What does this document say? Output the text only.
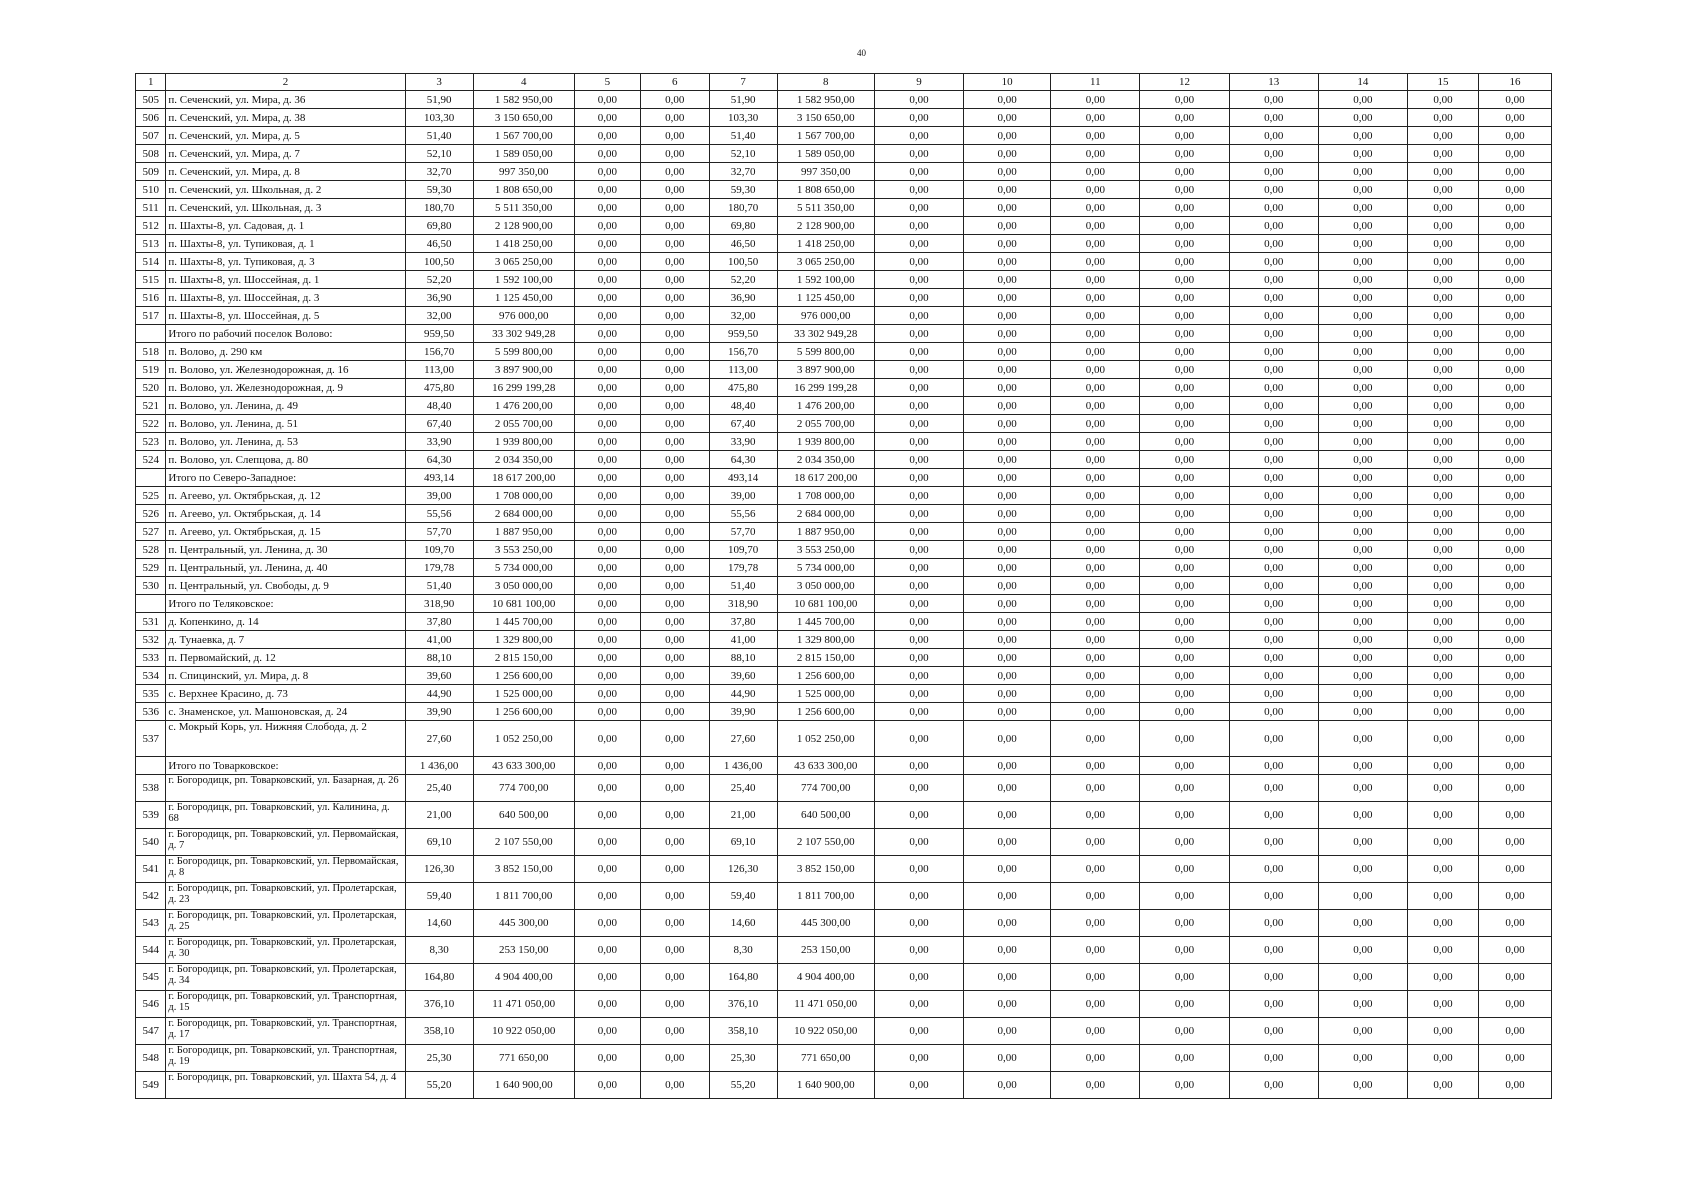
40
1	2	3	4	5	6	7	8	9	10	11	12	13	14	15	16
505	п. Сеченский, ул. Мира, д. 36	51,90	1 582 950,00	0,00	0,00	51,90	1 582 950,00	0,00	0,00	0,00	0,00	0,00	0,00	0,00	0,00
506	п. Сеченский, ул. Мира, д. 38	103,30	3 150 650,00	0,00	0,00	103,30	3 150 650,00	0,00	0,00	0,00	0,00	0,00	0,00	0,00	0,00
507	п. Сеченский, ул. Мира, д. 5	51,40	1 567 700,00	0,00	0,00	51,40	1 567 700,00	0,00	0,00	0,00	0,00	0,00	0,00	0,00	0,00
508	п. Сеченский, ул. Мира, д. 7	52,10	1 589 050,00	0,00	0,00	52,10	1 589 050,00	0,00	0,00	0,00	0,00	0,00	0,00	0,00	0,00
509	п. Сеченский, ул. Мира, д. 8	32,70	997 350,00	0,00	0,00	32,70	997 350,00	0,00	0,00	0,00	0,00	0,00	0,00	0,00	0,00
510	п. Сеченский, ул. Школьная, д. 2	59,30	1 808 650,00	0,00	0,00	59,30	1 808 650,00	0,00	0,00	0,00	0,00	0,00	0,00	0,00	0,00
511	п. Сеченский, ул. Школьная, д. 3	180,70	5 511 350,00	0,00	0,00	180,70	5 511 350,00	0,00	0,00	0,00	0,00	0,00	0,00	0,00	0,00
512	п. Шахты-8, ул. Садовая, д. 1	69,80	2 128 900,00	0,00	0,00	69,80	2 128 900,00	0,00	0,00	0,00	0,00	0,00	0,00	0,00	0,00
513	п. Шахты-8, ул. Тупиковая, д. 1	46,50	1 418 250,00	0,00	0,00	46,50	1 418 250,00	0,00	0,00	0,00	0,00	0,00	0,00	0,00	0,00
514	п. Шахты-8, ул. Тупиковая, д. 3	100,50	3 065 250,00	0,00	0,00	100,50	3 065 250,00	0,00	0,00	0,00	0,00	0,00	0,00	0,00	0,00
515	п. Шахты-8, ул. Шоссейная, д. 1	52,20	1 592 100,00	0,00	0,00	52,20	1 592 100,00	0,00	0,00	0,00	0,00	0,00	0,00	0,00	0,00
516	п. Шахты-8, ул. Шоссейная, д. 3	36,90	1 125 450,00	0,00	0,00	36,90	1 125 450,00	0,00	0,00	0,00	0,00	0,00	0,00	0,00	0,00
517	п. Шахты-8, ул. Шоссейная, д. 5	32,00	976 000,00	0,00	0,00	32,00	976 000,00	0,00	0,00	0,00	0,00	0,00	0,00	0,00	0,00
	Итого по рабочий поселок Волово:	959,50	33 302 949,28	0,00	0,00	959,50	33 302 949,28	0,00	0,00	0,00	0,00	0,00	0,00	0,00	0,00
518	п. Волово, д. 290 км	156,70	5 599 800,00	0,00	0,00	156,70	5 599 800,00	0,00	0,00	0,00	0,00	0,00	0,00	0,00	0,00
519	п. Волово, ул. Железнодорожная, д. 16	113,00	3 897 900,00	0,00	0,00	113,00	3 897 900,00	0,00	0,00	0,00	0,00	0,00	0,00	0,00	0,00
520	п. Волово, ул. Железнодорожная, д. 9	475,80	16 299 199,28	0,00	0,00	475,80	16 299 199,28	0,00	0,00	0,00	0,00	0,00	0,00	0,00	0,00
521	п. Волово, ул. Ленина, д. 49	48,40	1 476 200,00	0,00	0,00	48,40	1 476 200,00	0,00	0,00	0,00	0,00	0,00	0,00	0,00	0,00
522	п. Волово, ул. Ленина, д. 51	67,40	2 055 700,00	0,00	0,00	67,40	2 055 700,00	0,00	0,00	0,00	0,00	0,00	0,00	0,00	0,00
523	п. Волово, ул. Ленина, д. 53	33,90	1 939 800,00	0,00	0,00	33,90	1 939 800,00	0,00	0,00	0,00	0,00	0,00	0,00	0,00	0,00
524	п. Волово, ул. Слепцова, д. 80	64,30	2 034 350,00	0,00	0,00	64,30	2 034 350,00	0,00	0,00	0,00	0,00	0,00	0,00	0,00	0,00
	Итого по Северо-Западное:	493,14	18 617 200,00	0,00	0,00	493,14	18 617 200,00	0,00	0,00	0,00	0,00	0,00	0,00	0,00	0,00
525	п. Агеево, ул. Октябрьская, д. 12	39,00	1 708 000,00	0,00	0,00	39,00	1 708 000,00	0,00	0,00	0,00	0,00	0,00	0,00	0,00	0,00
526	п. Агеево, ул. Октябрьская, д. 14	55,56	2 684 000,00	0,00	0,00	55,56	2 684 000,00	0,00	0,00	0,00	0,00	0,00	0,00	0,00	0,00
527	п. Агеево, ул. Октябрьская, д. 15	57,70	1 887 950,00	0,00	0,00	57,70	1 887 950,00	0,00	0,00	0,00	0,00	0,00	0,00	0,00	0,00
528	п. Центральный, ул. Ленина, д. 30	109,70	3 553 250,00	0,00	0,00	109,70	3 553 250,00	0,00	0,00	0,00	0,00	0,00	0,00	0,00	0,00
529	п. Центральный, ул. Ленина, д. 40	179,78	5 734 000,00	0,00	0,00	179,78	5 734 000,00	0,00	0,00	0,00	0,00	0,00	0,00	0,00	0,00
530	п. Центральный, ул. Свободы, д. 9	51,40	3 050 000,00	0,00	0,00	51,40	3 050 000,00	0,00	0,00	0,00	0,00	0,00	0,00	0,00	0,00
	Итого по Теляковское:	318,90	10 681 100,00	0,00	0,00	318,90	10 681 100,00	0,00	0,00	0,00	0,00	0,00	0,00	0,00	0,00
531	д. Копенкино, д. 14	37,80	1 445 700,00	0,00	0,00	37,80	1 445 700,00	0,00	0,00	0,00	0,00	0,00	0,00	0,00	0,00
532	д. Тунаевка, д. 7	41,00	1 329 800,00	0,00	0,00	41,00	1 329 800,00	0,00	0,00	0,00	0,00	0,00	0,00	0,00	0,00
533	п. Первомайский, д. 12	88,10	2 815 150,00	0,00	0,00	88,10	2 815 150,00	0,00	0,00	0,00	0,00	0,00	0,00	0,00	0,00
534	п. Спицинский, ул. Мира, д. 8	39,60	1 256 600,00	0,00	0,00	39,60	1 256 600,00	0,00	0,00	0,00	0,00	0,00	0,00	0,00	0,00
535	с. Верхнее Красино, д. 73	44,90	1 525 000,00	0,00	0,00	44,90	1 525 000,00	0,00	0,00	0,00	0,00	0,00	0,00	0,00	0,00
536	с. Знаменское, ул. Машоновская, д. 24	39,90	1 256 600,00	0,00	0,00	39,90	1 256 600,00	0,00	0,00	0,00	0,00	0,00	0,00	0,00	0,00
537	с. Мокрый Корь, ул. Нижняя Слобода, д. 2	27,60	1 052 250,00	0,00	0,00	27,60	1 052 250,00	0,00	0,00	0,00	0,00	0,00	0,00	0,00	0,00
	Итого по Товарковское:	1 436,00	43 633 300,00	0,00	0,00	1 436,00	43 633 300,00	0,00	0,00	0,00	0,00	0,00	0,00	0,00	0,00
538	г. Богородицк, рп. Товарковский, ул. Базарная, д. 26	25,40	774 700,00	0,00	0,00	25,40	774 700,00	0,00	0,00	0,00	0,00	0,00	0,00	0,00	0,00
539	г. Богородицк, рп. Товарковский, ул. Калинина, д. 68	21,00	640 500,00	0,00	0,00	21,00	640 500,00	0,00	0,00	0,00	0,00	0,00	0,00	0,00	0,00
540	г. Богородицк, рп. Товарковский, ул. Первомайская, д. 7	69,10	2 107 550,00	0,00	0,00	69,10	2 107 550,00	0,00	0,00	0,00	0,00	0,00	0,00	0,00	0,00
541	г. Богородицк, рп. Товарковский, ул. Первомайская, д. 8	126,30	3 852 150,00	0,00	0,00	126,30	3 852 150,00	0,00	0,00	0,00	0,00	0,00	0,00	0,00	0,00
542	г. Богородицк, рп. Товарковский, ул. Пролетарская, д. 23	59,40	1 811 700,00	0,00	0,00	59,40	1 811 700,00	0,00	0,00	0,00	0,00	0,00	0,00	0,00	0,00
543	г. Богородицк, рп. Товарковский, ул. Пролетарская, д. 25	14,60	445 300,00	0,00	0,00	14,60	445 300,00	0,00	0,00	0,00	0,00	0,00	0,00	0,00	0,00
544	г. Богородицк, рп. Товарковский, ул. Пролетарская, д. 30	8,30	253 150,00	0,00	0,00	8,30	253 150,00	0,00	0,00	0,00	0,00	0,00	0,00	0,00	0,00
545	г. Богородицк, рп. Товарковский, ул. Пролетарская, д. 34	164,80	4 904 400,00	0,00	0,00	164,80	4 904 400,00	0,00	0,00	0,00	0,00	0,00	0,00	0,00	0,00
546	г. Богородицк, рп. Товарковский, ул. Транспортная, д. 15	376,10	11 471 050,00	0,00	0,00	376,10	11 471 050,00	0,00	0,00	0,00	0,00	0,00	0,00	0,00	0,00
547	г. Богородицк, рп. Товарковский, ул. Транспортная, д. 17	358,10	10 922 050,00	0,00	0,00	358,10	10 922 050,00	0,00	0,00	0,00	0,00	0,00	0,00	0,00	0,00
548	г. Богородицк, рп. Товарковский, ул. Транспортная, д. 19	25,30	771 650,00	0,00	0,00	25,30	771 650,00	0,00	0,00	0,00	0,00	0,00	0,00	0,00	0,00
549	г. Богородицк, рп. Товарковский, ул. Шахта 54, д. 4	55,20	1 640 900,00	0,00	0,00	55,20	1 640 900,00	0,00	0,00	0,00	0,00	0,00	0,00	0,00	0,00
